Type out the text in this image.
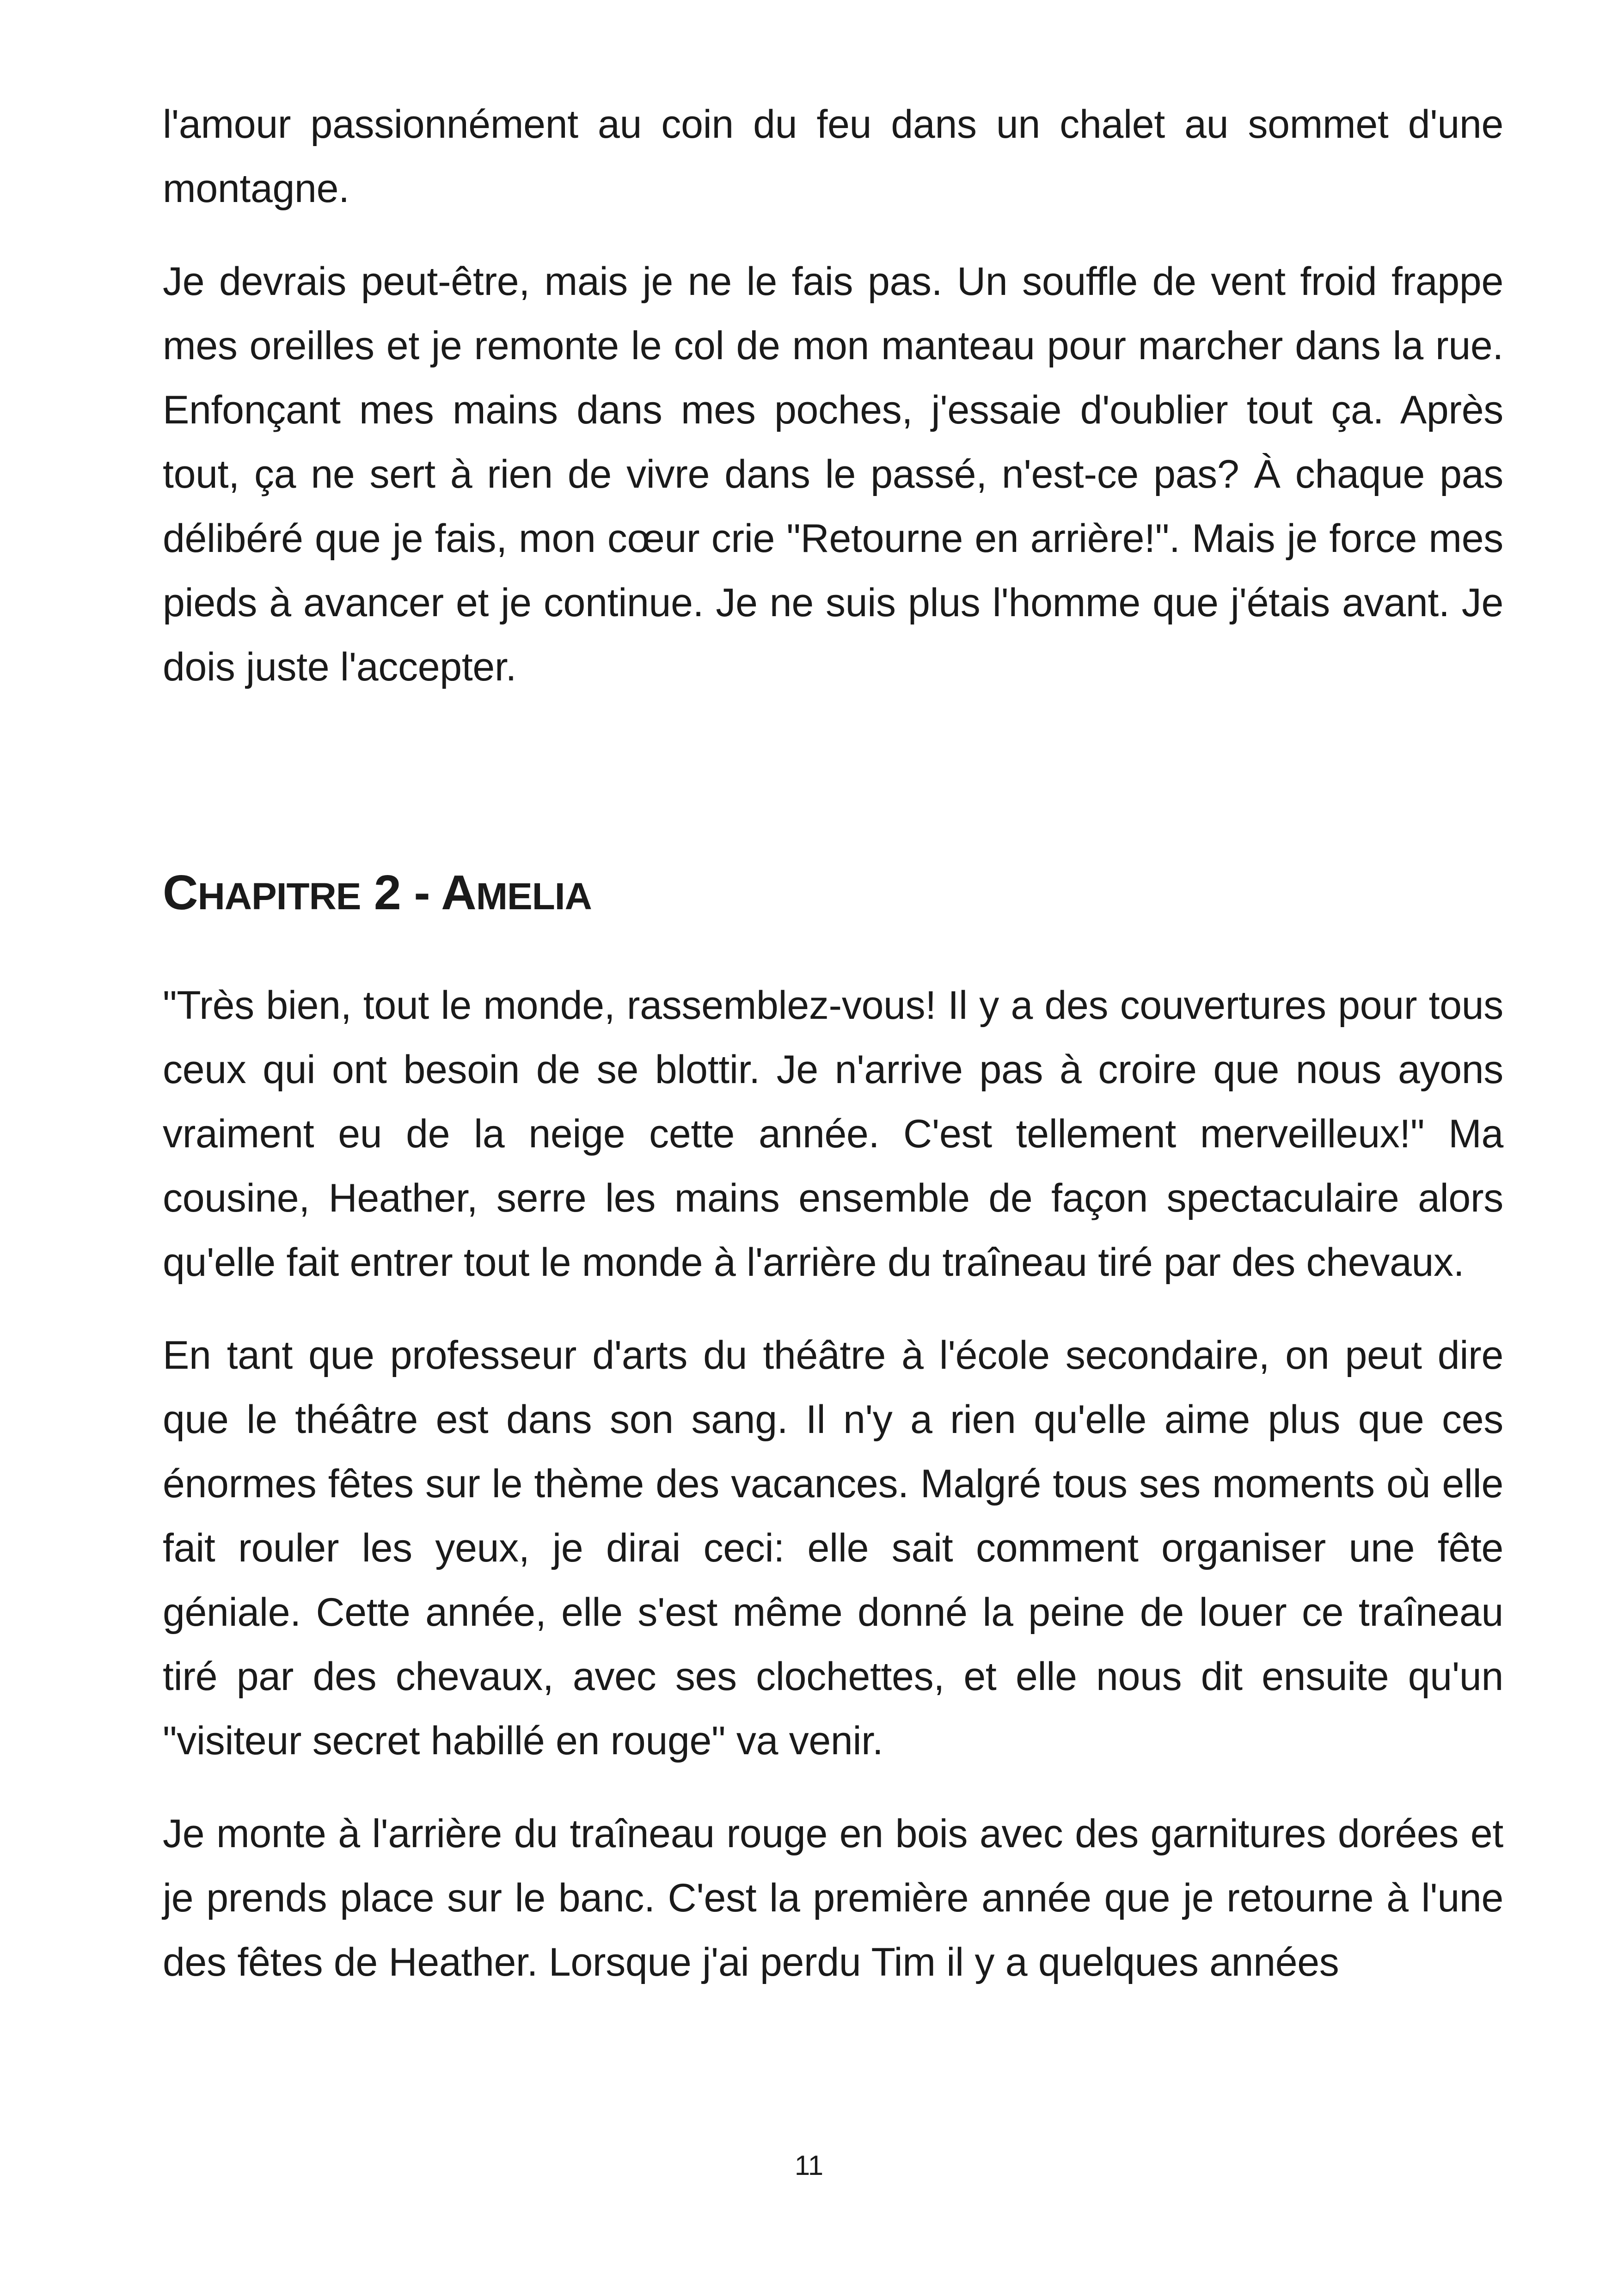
l'amour passionnément au coin du feu dans un chalet au sommet d'une montagne.

Je devrais peut-être, mais je ne le fais pas. Un souffle de vent froid frappe mes oreilles et je remonte le col de mon manteau pour marcher dans la rue. Enfonçant mes mains dans mes poches, j'essaie d'oublier tout ça. Après tout, ça ne sert à rien de vivre dans le passé, n'est-ce pas? À chaque pas délibéré que je fais, mon cœur crie "Retourne en arrière!". Mais je force mes pieds à avancer et je continue. Je ne suis plus l'homme que j'étais avant. Je dois juste l'accepter.

CHAPITRE 2 - AMELIA

"Très bien, tout le monde, rassemblez-vous! Il y a des couvertures pour tous ceux qui ont besoin de se blottir. Je n'arrive pas à croire que nous ayons vraiment eu de la neige cette année. C'est tellement merveilleux!" Ma cousine, Heather, serre les mains ensemble de façon spectaculaire alors qu'elle fait entrer tout le monde à l'arrière du traîneau tiré par des chevaux.

En tant que professeur d'arts du théâtre à l'école secondaire, on peut dire que le théâtre est dans son sang. Il n'y a rien qu'elle aime plus que ces énormes fêtes sur le thème des vacances. Malgré tous ses moments où elle fait rouler les yeux, je dirai ceci: elle sait comment organiser une fête géniale. Cette année, elle s'est même donné la peine de louer ce traîneau tiré par des chevaux, avec ses clochettes, et elle nous dit ensuite qu'un "visiteur secret habillé en rouge" va venir.

Je monte à l'arrière du traîneau rouge en bois avec des garnitures dorées et je prends place sur le banc. C'est la première année que je retourne à l'une des fêtes de Heather. Lorsque j'ai perdu Tim il y a quelques années

11
